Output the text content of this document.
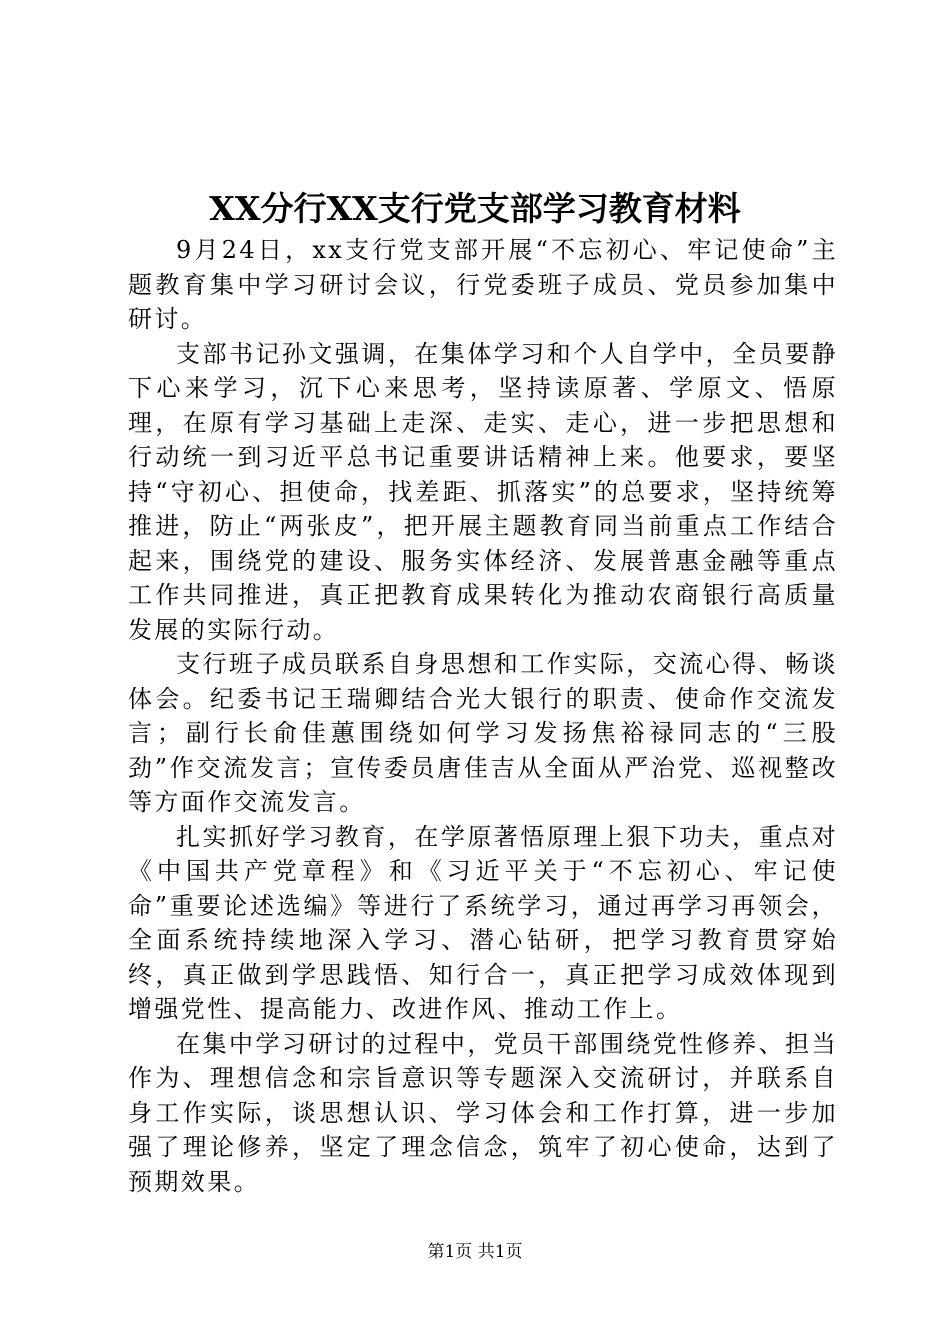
XX分行XX支行党支部学习教育材料

9月24日，xx支行党支部开展“不忘初心、牢记使命”主题教育集中学习研讨会议，行党委班子成员、党员参加集中研讨。

支部书记孙文强调，在集体学习和个人自学中，全员要静下心来学习，沉下心来思考，坚持读原著、学原文、悟原理，在原有学习基础上走深、走实、走心，进一步把思想和行动统一到习近平总书记重要讲话精神上来。他要求，要坚持“守初心、担使命，找差距、抓落实”的总要求，坚持统筹推进，防止“两张皮”，把开展主题教育同当前重点工作结合起来，围绕党的建设、服务实体经济、发展普惠金融等重点工作共同推进，真正把教育成果转化为推动农商银行高质量发展的实际行动。

支行班子成员联系自身思想和工作实际，交流心得、畅谈体会。纪委书记王瑞卿结合光大银行的职责、使命作交流发言；副行长俞佳蕙围绕如何学习发扬焦裕禄同志的“三股劲”作交流发言；宣传委员唐佳吉从全面从严治党、巡视整改等方面作交流发言。

扎实抓好学习教育，在学原著悟原理上狠下功夫，重点对《中国共产党章程》和《习近平关于“不忘初心、牢记使命”重要论述选编》等进行了系统学习，通过再学习再领会，全面系统持续地深入学习、潜心钻研，把学习教育贯穿始终，真正做到学思践悟、知行合一，真正把学习成效体现到增强党性、提高能力、改进作风、推动工作上。

在集中学习研讨的过程中，党员干部围绕党性修养、担当作为、理想信念和宗旨意识等专题深入交流研讨，并联系自身工作实际，谈思想认识、学习体会和工作打算，进一步加强了理论修养，坚定了理念信念，筑牢了初心使命，达到了预期效果。

第1页 共1页
